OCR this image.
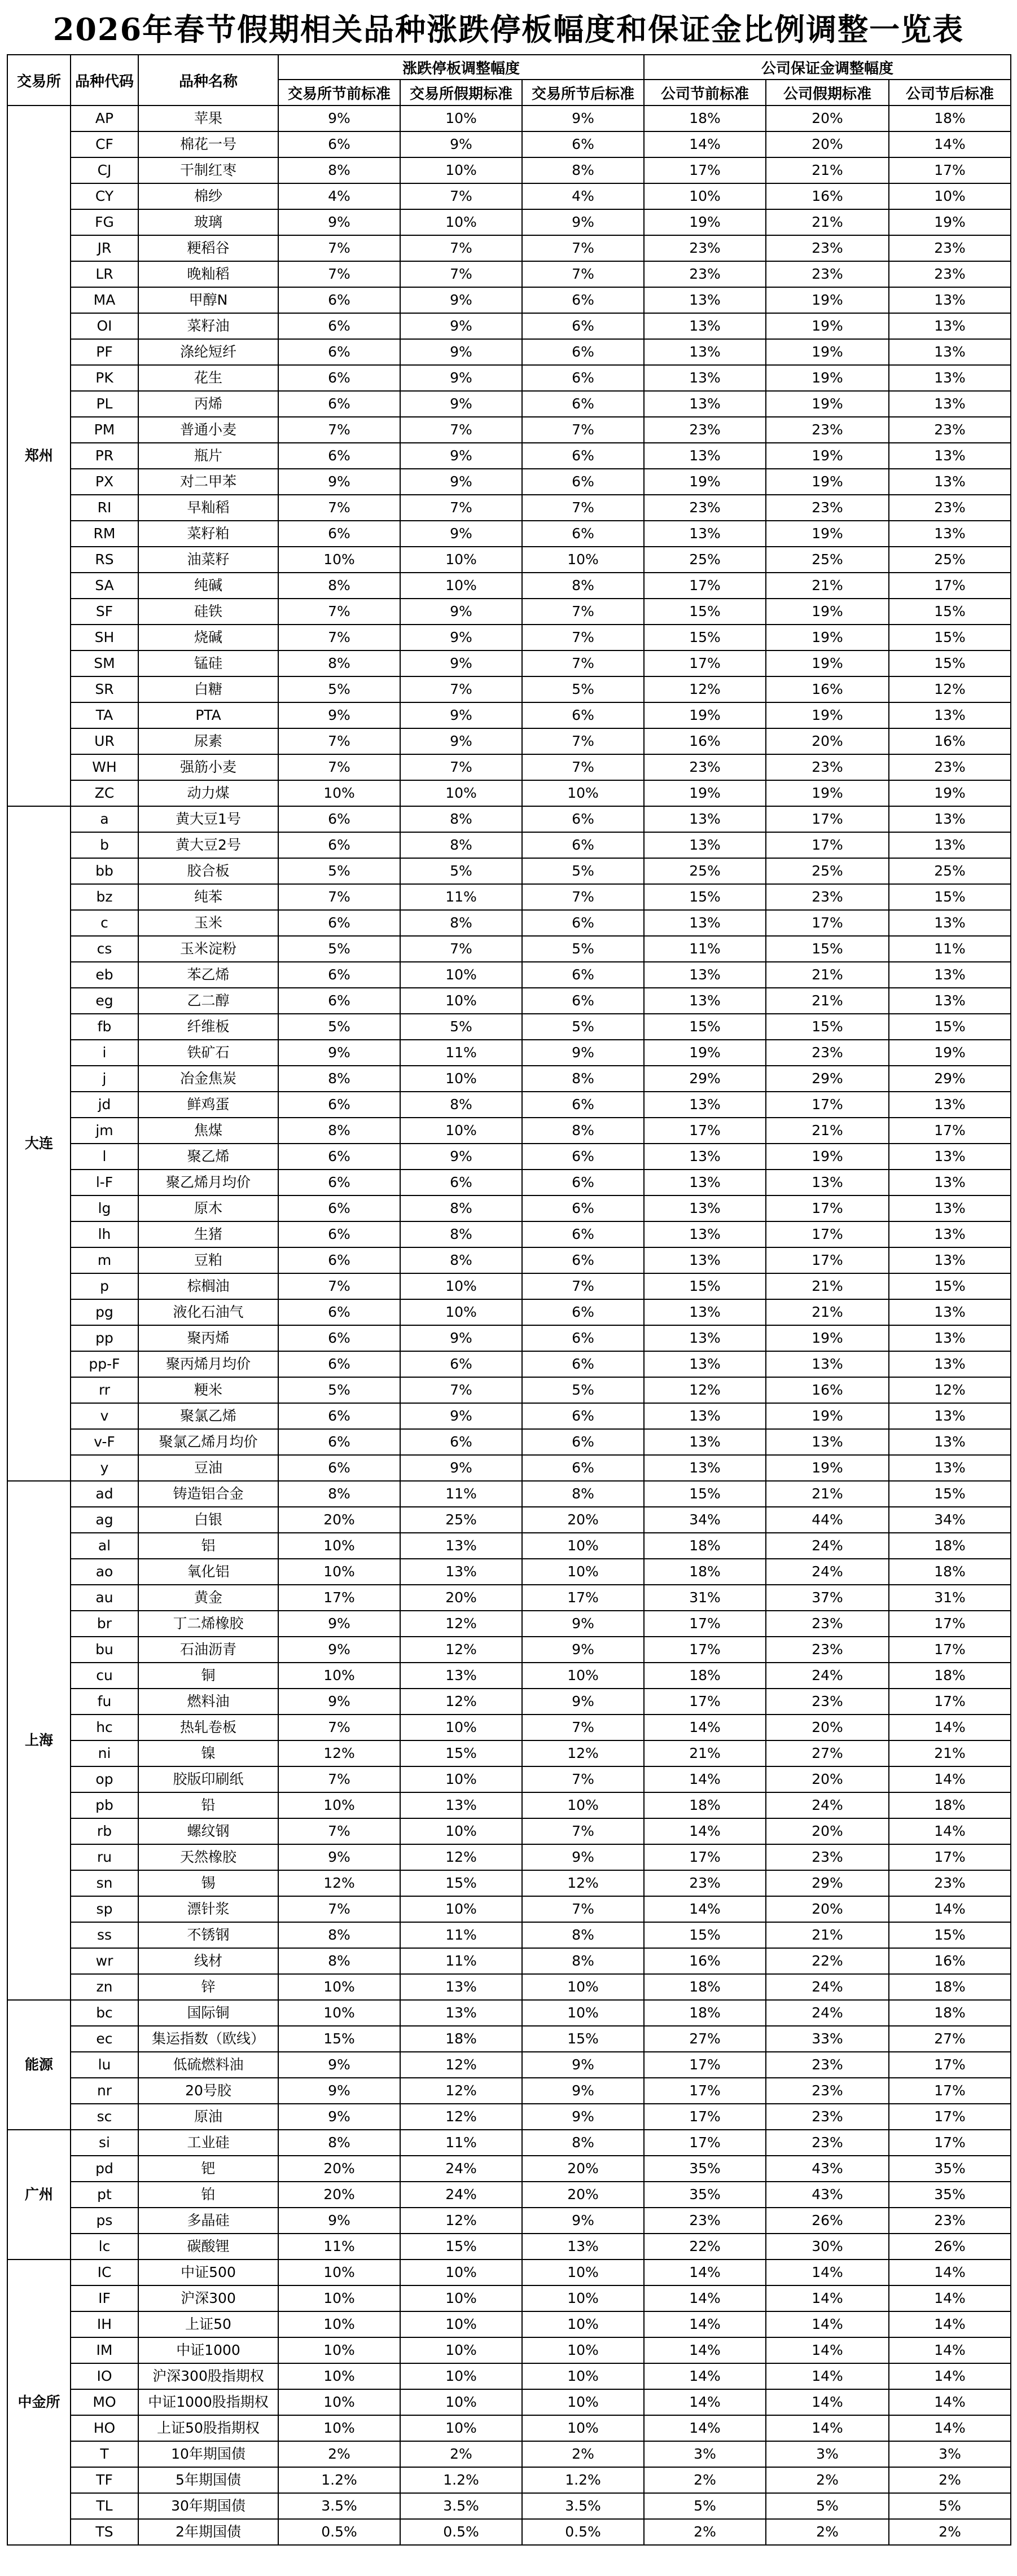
2026年春节假期相关品种涨跌停板幅度和保证金比例调整一览表
交易所	品种代码	品种名称	涨跌停板调整幅度			公司保证金调整幅度		
			交易所节前标准	交易所假期标准	交易所节后标准	公司节前标准	公司假期标准	公司节后标准
郑州	AP	苹果	9%	10%	9%	18%	20%	18%
	CF	棉花一号	6%	9%	6%	14%	20%	14%
	CJ	干制红枣	8%	10%	8%	17%	21%	17%
	CY	棉纱	4%	7%	4%	10%	16%	10%
	FG	玻璃	9%	10%	9%	19%	21%	19%
	JR	粳稻谷	7%	7%	7%	23%	23%	23%
	LR	晚籼稻	7%	7%	7%	23%	23%	23%
	MA	甲醇N	6%	9%	6%	13%	19%	13%
	OI	菜籽油	6%	9%	6%	13%	19%	13%
	PF	涤纶短纤	6%	9%	6%	13%	19%	13%
	PK	花生	6%	9%	6%	13%	19%	13%
	PL	丙烯	6%	9%	6%	13%	19%	13%
	PM	普通小麦	7%	7%	7%	23%	23%	23%
	PR	瓶片	6%	9%	6%	13%	19%	13%
	PX	对二甲苯	9%	9%	6%	19%	19%	13%
	RI	早籼稻	7%	7%	7%	23%	23%	23%
	RM	菜籽粕	6%	9%	6%	13%	19%	13%
	RS	油菜籽	10%	10%	10%	25%	25%	25%
	SA	纯碱	8%	10%	8%	17%	21%	17%
	SF	硅铁	7%	9%	7%	15%	19%	15%
	SH	烧碱	7%	9%	7%	15%	19%	15%
	SM	锰硅	8%	9%	7%	17%	19%	15%
	SR	白糖	5%	7%	5%	12%	16%	12%
	TA	PTA	9%	9%	6%	19%	19%	13%
	UR	尿素	7%	9%	7%	16%	20%	16%
	WH	强筋小麦	7%	7%	7%	23%	23%	23%
	ZC	动力煤	10%	10%	10%	19%	19%	19%
大连	a	黄大豆1号	6%	8%	6%	13%	17%	13%
	b	黄大豆2号	6%	8%	6%	13%	17%	13%
	bb	胶合板	5%	5%	5%	25%	25%	25%
	bz	纯苯	7%	11%	7%	15%	23%	15%
	c	玉米	6%	8%	6%	13%	17%	13%
	cs	玉米淀粉	5%	7%	5%	11%	15%	11%
	eb	苯乙烯	6%	10%	6%	13%	21%	13%
	eg	乙二醇	6%	10%	6%	13%	21%	13%
	fb	纤维板	5%	5%	5%	15%	15%	15%
	i	铁矿石	9%	11%	9%	19%	23%	19%
	j	冶金焦炭	8%	10%	8%	29%	29%	29%
	jd	鲜鸡蛋	6%	8%	6%	13%	17%	13%
	jm	焦煤	8%	10%	8%	17%	21%	17%
	l	聚乙烯	6%	9%	6%	13%	19%	13%
	l-F	聚乙烯月均价	6%	6%	6%	13%	13%	13%
	lg	原木	6%	8%	6%	13%	17%	13%
	lh	生猪	6%	8%	6%	13%	17%	13%
	m	豆粕	6%	8%	6%	13%	17%	13%
	p	棕榈油	7%	10%	7%	15%	21%	15%
	pg	液化石油气	6%	10%	6%	13%	21%	13%
	pp	聚丙烯	6%	9%	6%	13%	19%	13%
	pp-F	聚丙烯月均价	6%	6%	6%	13%	13%	13%
	rr	粳米	5%	7%	5%	12%	16%	12%
	v	聚氯乙烯	6%	9%	6%	13%	19%	13%
	v-F	聚氯乙烯月均价	6%	6%	6%	13%	13%	13%
	y	豆油	6%	9%	6%	13%	19%	13%
上海	ad	铸造铝合金	8%	11%	8%	15%	21%	15%
	ag	白银	20%	25%	20%	34%	44%	34%
	al	铝	10%	13%	10%	18%	24%	18%
	ao	氧化铝	10%	13%	10%	18%	24%	18%
	au	黄金	17%	20%	17%	31%	37%	31%
	br	丁二烯橡胶	9%	12%	9%	17%	23%	17%
	bu	石油沥青	9%	12%	9%	17%	23%	17%
	cu	铜	10%	13%	10%	18%	24%	18%
	fu	燃料油	9%	12%	9%	17%	23%	17%
	hc	热轧卷板	7%	10%	7%	14%	20%	14%
	ni	镍	12%	15%	12%	21%	27%	21%
	op	胶版印刷纸	7%	10%	7%	14%	20%	14%
	pb	铅	10%	13%	10%	18%	24%	18%
	rb	螺纹钢	7%	10%	7%	14%	20%	14%
	ru	天然橡胶	9%	12%	9%	17%	23%	17%
	sn	锡	12%	15%	12%	23%	29%	23%
	sp	漂针浆	7%	10%	7%	14%	20%	14%
	ss	不锈钢	8%	11%	8%	15%	21%	15%
	wr	线材	8%	11%	8%	16%	22%	16%
	zn	锌	10%	13%	10%	18%	24%	18%
能源	bc	国际铜	10%	13%	10%	18%	24%	18%
	ec	集运指数（欧线）	15%	18%	15%	27%	33%	27%
	lu	低硫燃料油	9%	12%	9%	17%	23%	17%
	nr	20号胶	9%	12%	9%	17%	23%	17%
	sc	原油	9%	12%	9%	17%	23%	17%
广州	si	工业硅	8%	11%	8%	17%	23%	17%
	pd	钯	20%	24%	20%	35%	43%	35%
	pt	铂	20%	24%	20%	35%	43%	35%
	ps	多晶硅	9%	12%	9%	23%	26%	23%
	lc	碳酸锂	11%	15%	13%	22%	30%	26%
中金所	IC	中证500	10%	10%	10%	14%	14%	14%
	IF	沪深300	10%	10%	10%	14%	14%	14%
	IH	上证50	10%	10%	10%	14%	14%	14%
	IM	中证1000	10%	10%	10%	14%	14%	14%
	IO	沪深300股指期权	10%	10%	10%	14%	14%	14%
	MO	中证1000股指期权	10%	10%	10%	14%	14%	14%
	HO	上证50股指期权	10%	10%	10%	14%	14%	14%
	T	10年期国债	2%	2%	2%	3%	3%	3%
	TF	5年期国债	1.2%	1.2%	1.2%	2%	2%	2%
	TL	30年期国债	3.5%	3.5%	3.5%	5%	5%	5%
	TS	2年期国债	0.5%	0.5%	0.5%	2%	2%	2%
